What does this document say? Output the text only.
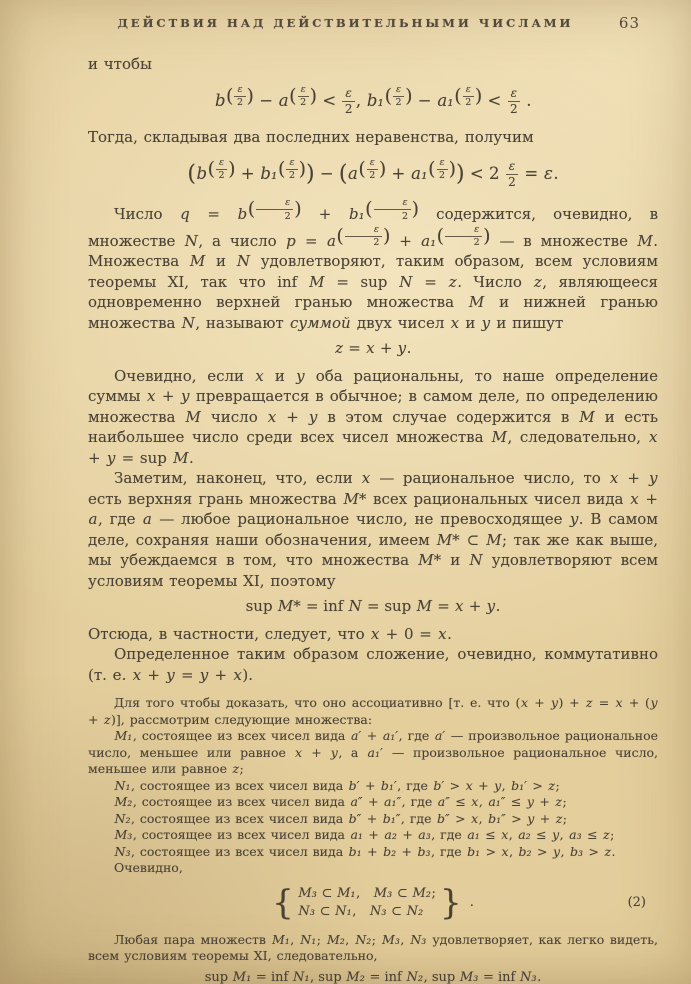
ДЕЙСТВИЯ НАД ДЕЙСТВИТЕЛЬНЫМИ ЧИСЛАМИ	63

и чтобы

$b^{( \frac{\varepsilon}{2} )} - a^{( \frac{\varepsilon}{2} )} < \frac{\varepsilon}{2}$ , $b_1^{( \frac{\varepsilon}{2} )} - a_1^{( \frac{\varepsilon}{2} )} < \frac{\varepsilon}{2}$ .

Тогда, складывая два последних неравенства, получим

$(b^{( \frac{\varepsilon}{2} )} + b_1^{( \frac{\varepsilon}{2} )}) - (a^{( \frac{\varepsilon}{2} )} + a_1^{( \frac{\varepsilon}{2} )}) < 2 \frac{\varepsilon}{2} = \varepsilon$.

Число $q = b^{( \frac{\varepsilon}{2} )} + b_1^{( \frac{\varepsilon}{2} )}$ содержится, очевидно, в множестве N, а число $p = a^{( \frac{\varepsilon}{2} )} + a_1^{( \frac{\varepsilon}{2} )}$ — в множестве M. Множества M и N удовлетворяют, таким образом, всем условиям теоремы XI, так что inf M = sup N = z. Число z, являющееся одновременно верхней гранью множества M и нижней гранью множества N, называют суммой двух чисел x и y и пишут

z = x + y.

Очевидно, если x и y оба рациональны, то наше определение суммы x + y превращается в обычное; в самом деле, по определению множества M число x + y в этом случае содержится в M и есть наибольшее число среди всех чисел множества M, следовательно, x + y = sup M.

Заметим, наконец, что, если x — рациональное число, то x + y есть верхняя грань множества M* всех рациональных чисел вида x + a, где a — любое рациональное число, не превосходящее y. В самом деле, сохраняя наши обозначения, имеем M* ⊂ M; так же как выше, мы убеждаемся в том, что множества M* и N удовлетворяют всем условиям теоремы XI, поэтому

sup M* = inf N = sup M = x + y.

Отсюда, в частности, следует, что x + 0 = x.

Определенное таким образом сложение, очевидно, коммутативно (т. е. x + y = y + x).

Для того чтобы доказать, что оно ассоциативно [т. е. что (x + y) + z = x + (y + z)], рассмотрим следующие множества:

M₁, состоящее из всех чисел вида a′ + a₁′, где a′ — произвольное рациональное число, меньшее или равное x + y, а a₁′ — произвольное рациональное число, меньшее или равное z;

N₁, состоящее из всех чисел вида b′ + b₁′, где b′ > x + y, b₁′ > z;

M₂, состоящее из всех чисел вида a″ + a₁″, где a″ ≤ x, a₁″ ≤ y + z;

N₂, состоящее из всех чисел вида b″ + b₁″, где b″ > x, b₁″ > y + z;

M₃, состоящее из всех чисел вида a₁ + a₂ + a₃, где a₁ ≤ x, a₂ ≤ y, a₃ ≤ z;

N₃, состоящее из всех чисел вида b₁ + b₂ + b₃, где b₁ > x, b₂ > y, b₃ > z.

Очевидно,

{ M₃ ⊂ M₁, M₃ ⊂ M₂;
N₃ ⊂ N₁, N₃ ⊂ N₂ } .	(2)

Любая пара множеств M₁, N₁; M₂, N₂; M₃, N₃ удовлетворяет, как легко видеть, всем условиям теоремы XI, следовательно,

sup M₁ = inf N₁, sup M₂ = inf N₂, sup M₃ = inf N₃.
